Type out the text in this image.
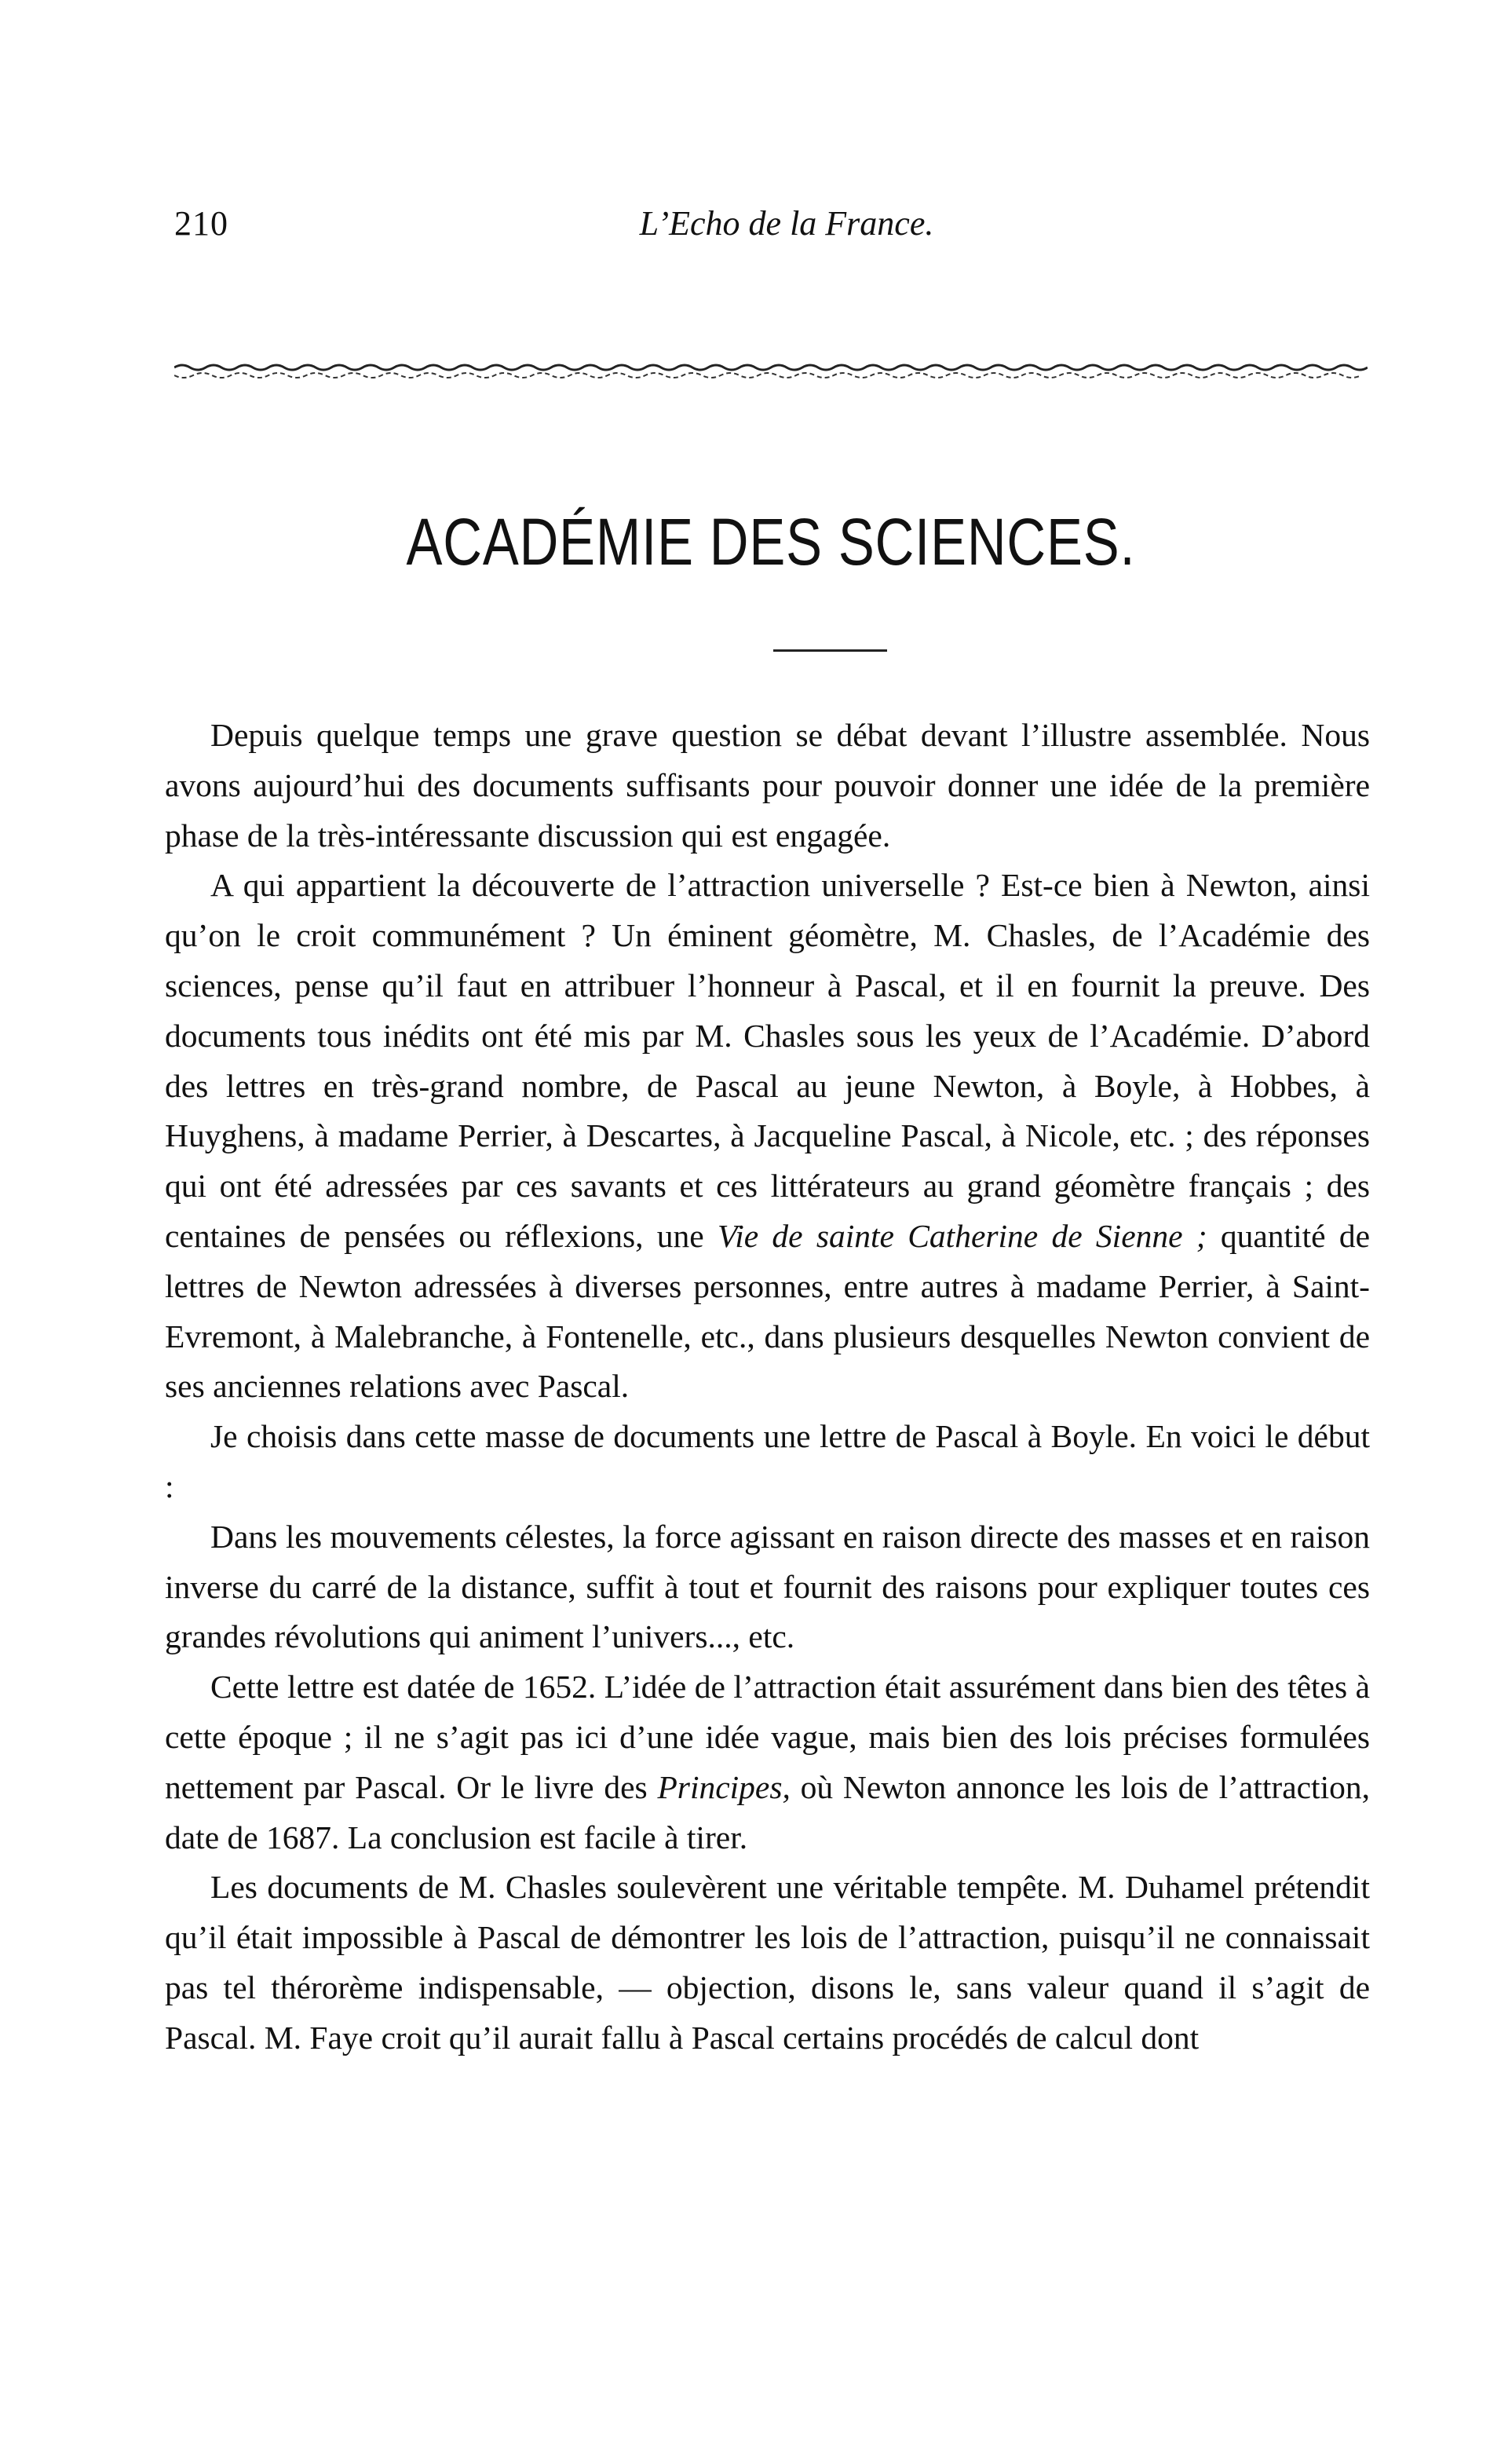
210	L’Echo de la France.
ACADÉMIE DES SCIENCES.

Depuis quelque temps une grave question se débat devant l’illustre assemblée. Nous avons aujourd’hui des documents suffisants pour pouvoir donner une idée de la première phase de la très-intéressante discussion qui est engagée.

A qui appartient la découverte de l’attraction universelle ? Est-ce bien à Newton, ainsi qu’on le croit communément ? Un éminent géomètre, M. Chasles, de l’Académie des sciences, pense qu’il faut en attribuer l’honneur à Pascal, et il en fournit la preuve. Des documents tous inédits ont été mis par M. Chasles sous les yeux de l’Académie. D’abord des lettres en très-grand nombre, de Pascal au jeune Newton, à Boyle, à Hobbes, à Huyghens, à madame Perrier, à Descartes, à Jacqueline Pascal, à Nicole, etc. ; des réponses qui ont été adressées par ces savants et ces littérateurs au grand géomètre français ; des centaines de pensées ou réflexions, une Vie de sainte Catherine de Sienne ; quantité de lettres de Newton adressées à diverses personnes, entre autres à madame Perrier, à Saint-Evremont, à Malebranche, à Fontenelle, etc., dans plusieurs desquelles Newton convient de ses anciennes relations avec Pascal.

Je choisis dans cette masse de documents une lettre de Pascal à Boyle. En voici le début :

Dans les mouvements célestes, la force agissant en raison directe des masses et en raison inverse du carré de la distance, suffit à tout et fournit des raisons pour expliquer toutes ces grandes révolutions qui animent l’univers..., etc.

Cette lettre est datée de 1652. L’idée de l’attraction était assurément dans bien des têtes à cette époque ; il ne s’agit pas ici d’une idée vague, mais bien des lois précises formulées nettement par Pascal. Or le livre des Principes, où Newton annonce les lois de l’attraction, date de 1687. La conclusion est facile à tirer.

Les documents de M. Chasles soulevèrent une véritable tempête. M. Duhamel prétendit qu’il était impossible à Pascal de démontrer les lois de l’attraction, puisqu’il ne connaissait pas tel thérorème indispensable, — objection, disons le, sans valeur quand il s’agit de Pascal. M. Faye croit qu’il aurait fallu à Pascal certains procédés de calcul dont
